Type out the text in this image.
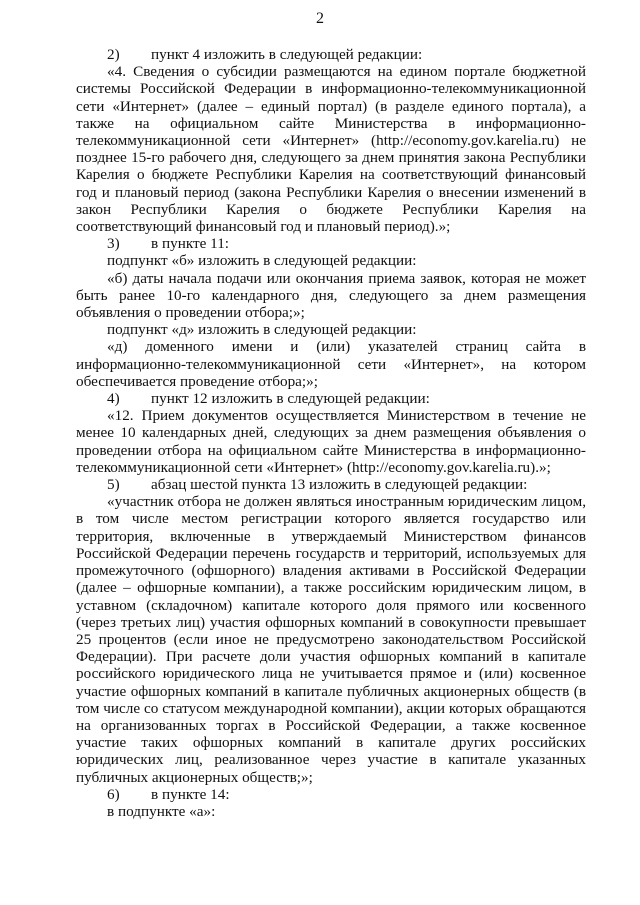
2

2)	пункт 4 изложить в следующей редакции:

«4. Сведения о субсидии размещаются на едином портале бюджетной системы Российской Федерации в информационно-телекоммуникационной сети «Интернет» (далее – единый портал) (в разделе единого портала), а также на официальном сайте Министерства в информационно-телекоммуникационной сети «Интернет» (http://economy.gov.karelia.ru) не позднее 15-го рабочего дня, следующего за днем принятия закона Республики Карелия о бюджете Республики Карелия на соответствующий финансовый год и плановый период (закона Республики Карелия о внесении изменений в закон Республики Карелия о бюджете Республики Карелия на соответствующий финансовый год и плановый период).»;

3)	в пункте 11:

подпункт «б» изложить в следующей редакции:

«б) даты начала подачи или окончания приема заявок, которая не может быть ранее 10-го календарного дня, следующего за днем размещения объявления о проведении отбора;»;

подпункт «д» изложить в следующей редакции:

«д) доменного имени и (или) указателей страниц сайта в информационно-телекоммуникационной сети «Интернет», на котором обеспечивается проведение отбора;»;

4)	пункт 12 изложить в следующей редакции:

«12. Прием документов осуществляется Министерством в течение не менее 10 календарных дней, следующих за днем размещения объявления о проведении отбора на официальном сайте Министерства в информационно-телекоммуникационной сети «Интернет» (http://economy.gov.karelia.ru).»;

5)	абзац шестой пункта 13 изложить в следующей редакции:

«участник отбора не должен являться иностранным юридическим лицом, в том числе местом регистрации которого является государство или территория, включенные в утверждаемый Министерством финансов Российской Федерации перечень государств и территорий, используемых для промежуточного (офшорного) владения активами в Российской Федерации (далее – офшорные компании), а также российским юридическим лицом, в уставном (складочном) капитале которого доля прямого или косвенного (через третьих лиц) участия офшорных компаний в совокупности превышает 25 процентов (если иное не предусмотрено законодательством Российской Федерации). При расчете доли участия офшорных компаний в капитале российского юридического лица не учитывается прямое и (или) косвенное участие офшорных компаний в капитале публичных акционерных обществ (в том числе со статусом международной компании), акции которых обращаются на организованных торгах в Российской Федерации, а также косвенное участие таких офшорных компаний в капитале других российских юридических лиц, реализованное через участие в капитале указанных публичных акционерных обществ;»;

6)	в пункте 14:

в подпункте «а»:
